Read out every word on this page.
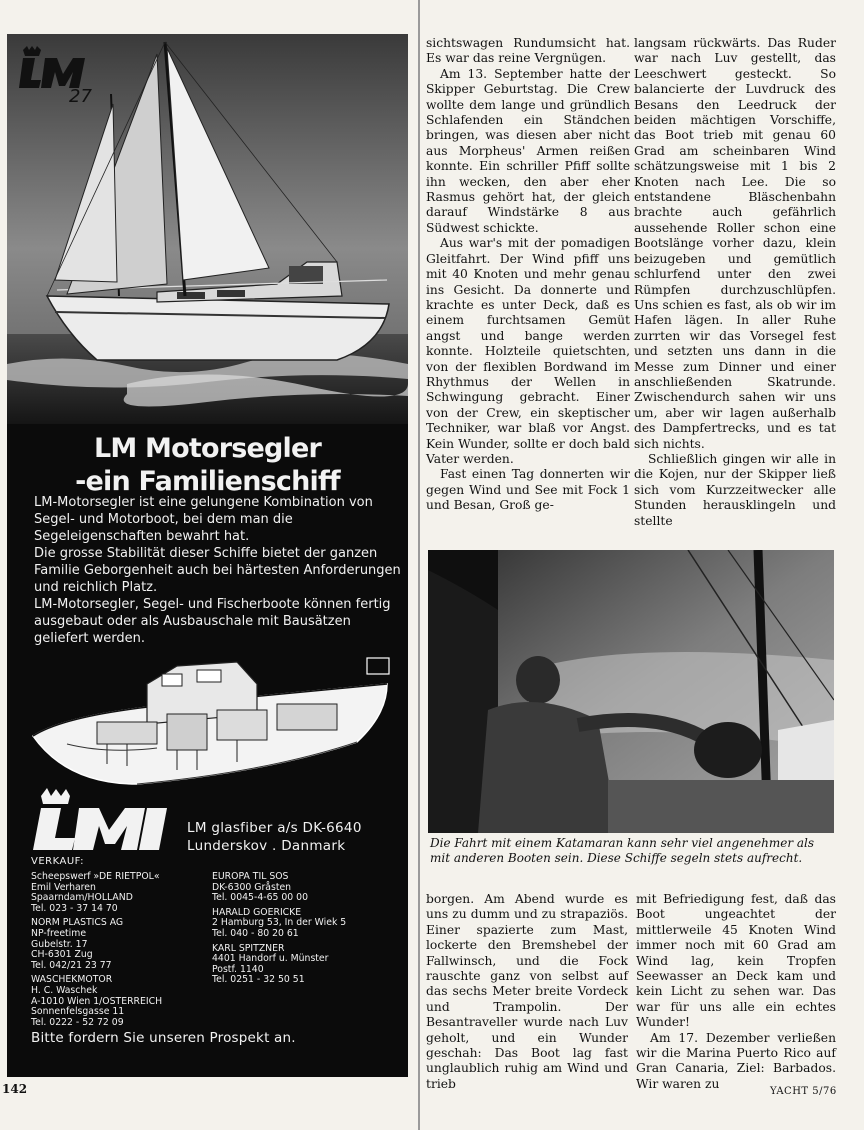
27
LM Motorsegler
-ein Familienschiff

LM-Motorsegler ist eine gelungene Kombination von Segel- und Motorboot, bei dem man die Segeleigenschaften bewahrt hat.
Die grosse Stabilität dieser Schiffe bietet der ganzen Familie Geborgenheit auch bei härtesten Anforderungen und reichlich Platz.
LM-Motorsegler, Segel- und Fischerboote können fertig ausgebaut oder als Ausbauschale mit Bausätzen geliefert werden.

LM glasfiber a/s DK-6640
Lunderskov . Danmark
VERKAUF:
Scheepswerf »DE RIETPOL«
Emil Verharen
Spaarndam/HOLLAND
Tel. 023 - 37 14 70
NORM PLASTICS AG
NP-freetime
Gubelstr. 17
CH-6301 Zug
Tel. 042/21 23 77
WASCHEKMOTOR
H. C. Waschek
A-1010 Wien 1/OSTERREICH
Sonnenfelsgasse 11
Tel. 0222 - 52 72 09
EUROPA TIL SOS
DK-6300 Gråsten
Tel. 0045-4-65 00 00
HARALD GOERICKE
2 Hamburg 53, In der Wiek 5
Tel. 040 - 80 20 61
KARL SPITZNER
4401 Handorf u. Münster
Postf. 1140
Tel. 0251 - 32 50 51
Bitte fordern Sie unseren Prospekt an.

sichtswagen Rundumsicht hat. Es war das reine Vergnügen.

Am 13. September hatte der Skipper Geburtstag. Die Crew wollte dem lange und gründlich Schlafenden ein Ständchen bringen, was diesen aber nicht aus Morpheus' Armen reißen konnte. Ein schriller Pfiff sollte ihn wecken, den aber eher Rasmus gehört hat, der gleich darauf Windstärke 8 aus Südwest schickte.

Aus war's mit der pomadigen Gleitfahrt. Der Wind pfiff uns mit 40 Knoten und mehr genau ins Gesicht. Da donnerte und krachte es unter Deck, daß es einem furchtsamen Gemüt angst und bange werden konnte. Holzteile quietschten, von der flexiblen Bordwand im Rhythmus der Wellen in Schwingung gebracht. Einer von der Crew, ein skeptischer Techniker, war blaß vor Angst. Kein Wunder, sollte er doch bald Vater werden.

Fast einen Tag donnerten wir gegen Wind und See mit Fock 1 und Besan, Groß ge-

langsam rückwärts. Das Ruder war nach Luv gestellt, das Leeschwert gesteckt. So balancierte der Luvdruck des Besans den Leedruck der beiden mächtigen Vorschiffe, das Boot trieb mit genau 60 Grad am scheinbaren Wind schätzungsweise mit 1 bis 2 Knoten nach Lee. Die so entstandene Bläschenbahn brachte auch gefährlich aussehende Roller schon eine Bootslänge vorher dazu, klein beizugeben und gemütlich schlurfend unter den zwei Rümpfen durchzuschlüpfen. Uns schien es fast, als ob wir im Hafen lägen. In aller Ruhe zurrten wir das Vorsegel fest und setzten uns dann in die Messe zum Dinner und einer anschließenden Skatrunde. Zwischendurch sahen wir uns um, aber wir lagen außerhalb des Dampfertrecks, und es tat sich nichts.

Schließlich gingen wir alle in die Kojen, nur der Skipper ließ sich vom Kurzzeitwecker alle Stunden herausklingeln und stellte

Die Fahrt mit einem Katamaran kann sehr viel angenehmer als mit anderen Booten sein. Diese Schiffe segeln stets aufrecht.

borgen. Am Abend wurde es uns zu dumm und zu strapaziös. Einer spazierte zum Mast, lockerte den Bremshebel der Fallwinsch, und die Fock rauschte ganz von selbst auf das sechs Meter breite Vordeck und Trampolin. Der Besantraveller wurde nach Luv geholt, und ein Wunder geschah: Das Boot lag fast unglaublich ruhig am Wind und trieb

mit Befriedigung fest, daß das Boot ungeachtet der mittlerweile 45 Knoten Wind immer noch mit 60 Grad am Wind lag, kein Tropfen Seewasser an Deck kam und kein Licht zu sehen war. Das war für uns alle ein echtes Wunder!

Am 17. Dezember verließen wir die Marina Puerto Rico auf Gran Canaria, Ziel: Barbados. Wir waren zu

142	YACHT 5/76
